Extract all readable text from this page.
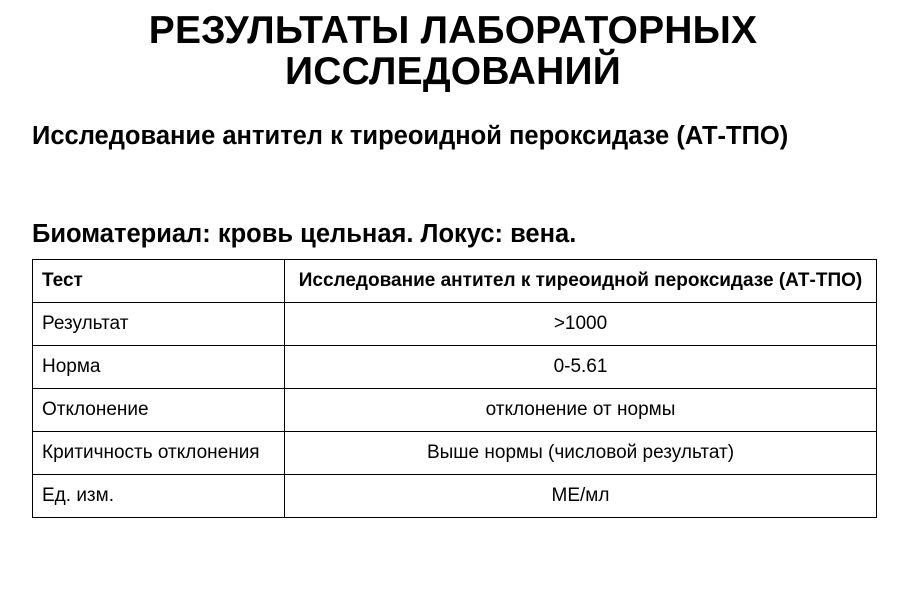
РЕЗУЛЬТАТЫ ЛАБОРАТОРНЫХ
ИССЛЕДОВАНИЙ
Исследование антител к тиреоидной пероксидазе (АТ-ТПО)
Биоматериал: кровь цельная. Локус: вена.
Тест	Исследование антител к тиреоидной пероксидазе (АТ-ТПО)
Результат	>1000
Норма	0-5.61
Отклонение	отклонение от нормы
Критичность отклонения	Выше нормы (числовой результат)
Ед. изм.	МЕ/мл
